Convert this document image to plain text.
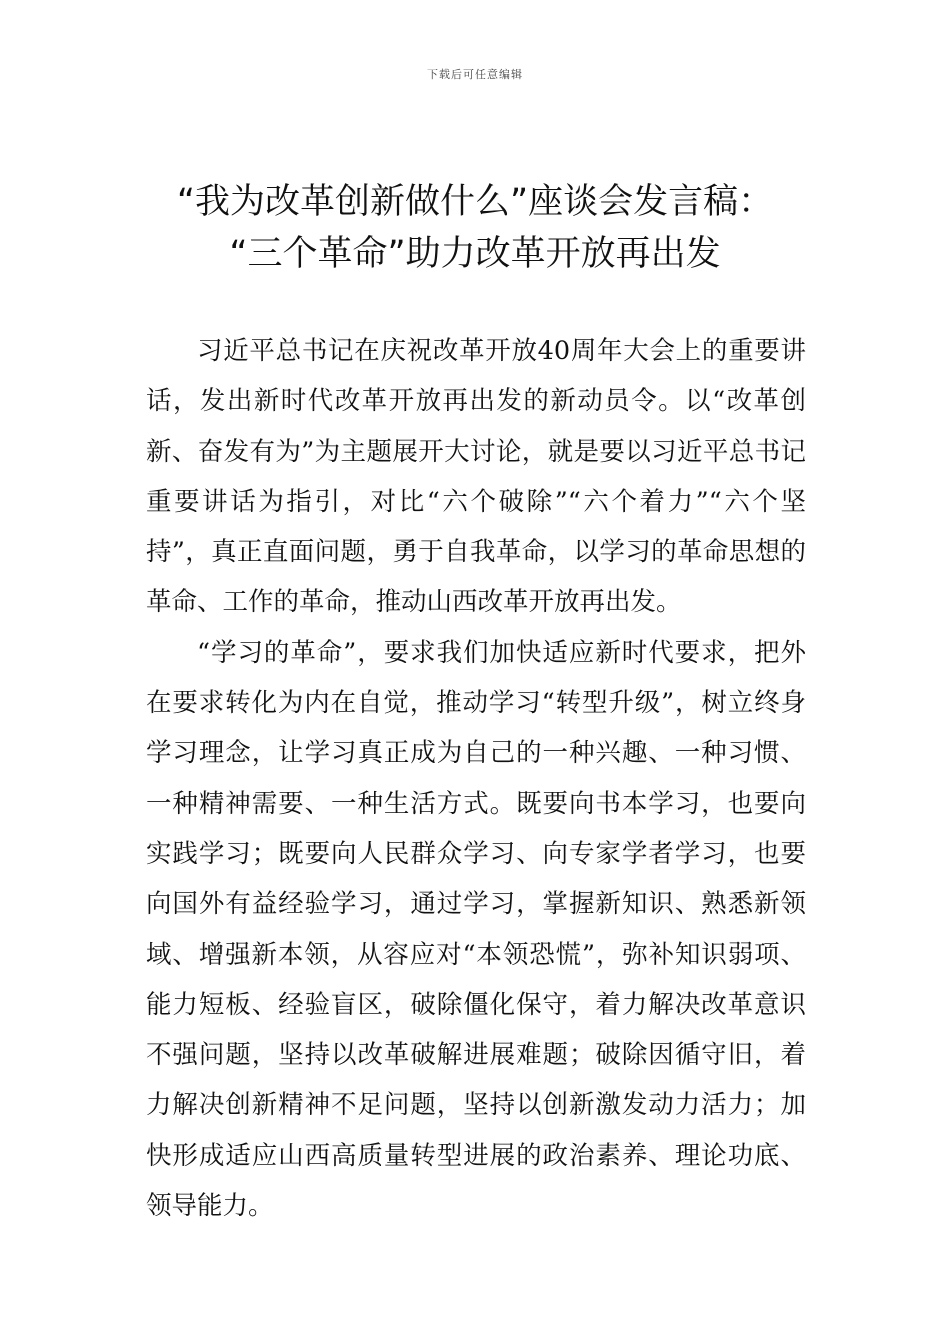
下载后可任意编辑
“我为改革创新做什么”座谈会发言稿：
“三个革命”助力改革开放再出发

习近平总书记在庆祝改革开放40周年大会上的重要讲话，发出新时代改革开放再出发的新动员令。以“改革创新、奋发有为”为主题展开大讨论，就是要以习近平总书记重要讲话为指引，对比“六个破除”“六个着力”“六个坚持”，真正直面问题，勇于自我革命，以学习的革命思想的革命、工作的革命，推动山西改革开放再出发。

“学习的革命”，要求我们加快适应新时代要求，把外在要求转化为内在自觉，推动学习“转型升级”，树立终身学习理念，让学习真正成为自己的一种兴趣、一种习惯、一种精神需要、一种生活方式。既要向书本学习，也要向实践学习；既要向人民群众学习、向专家学者学习，也要向国外有益经验学习，通过学习，掌握新知识、熟悉新领域、增强新本领，从容应对“本领恐慌”，弥补知识弱项、能力短板、经验盲区，破除僵化保守，着力解决改革意识不强问题，坚持以改革破解进展难题；破除因循守旧，着力解决创新精神不足问题，坚持以创新激发动力活力；加快形成适应山西高质量转型进展的政治素养、理论功底、领导能力。
